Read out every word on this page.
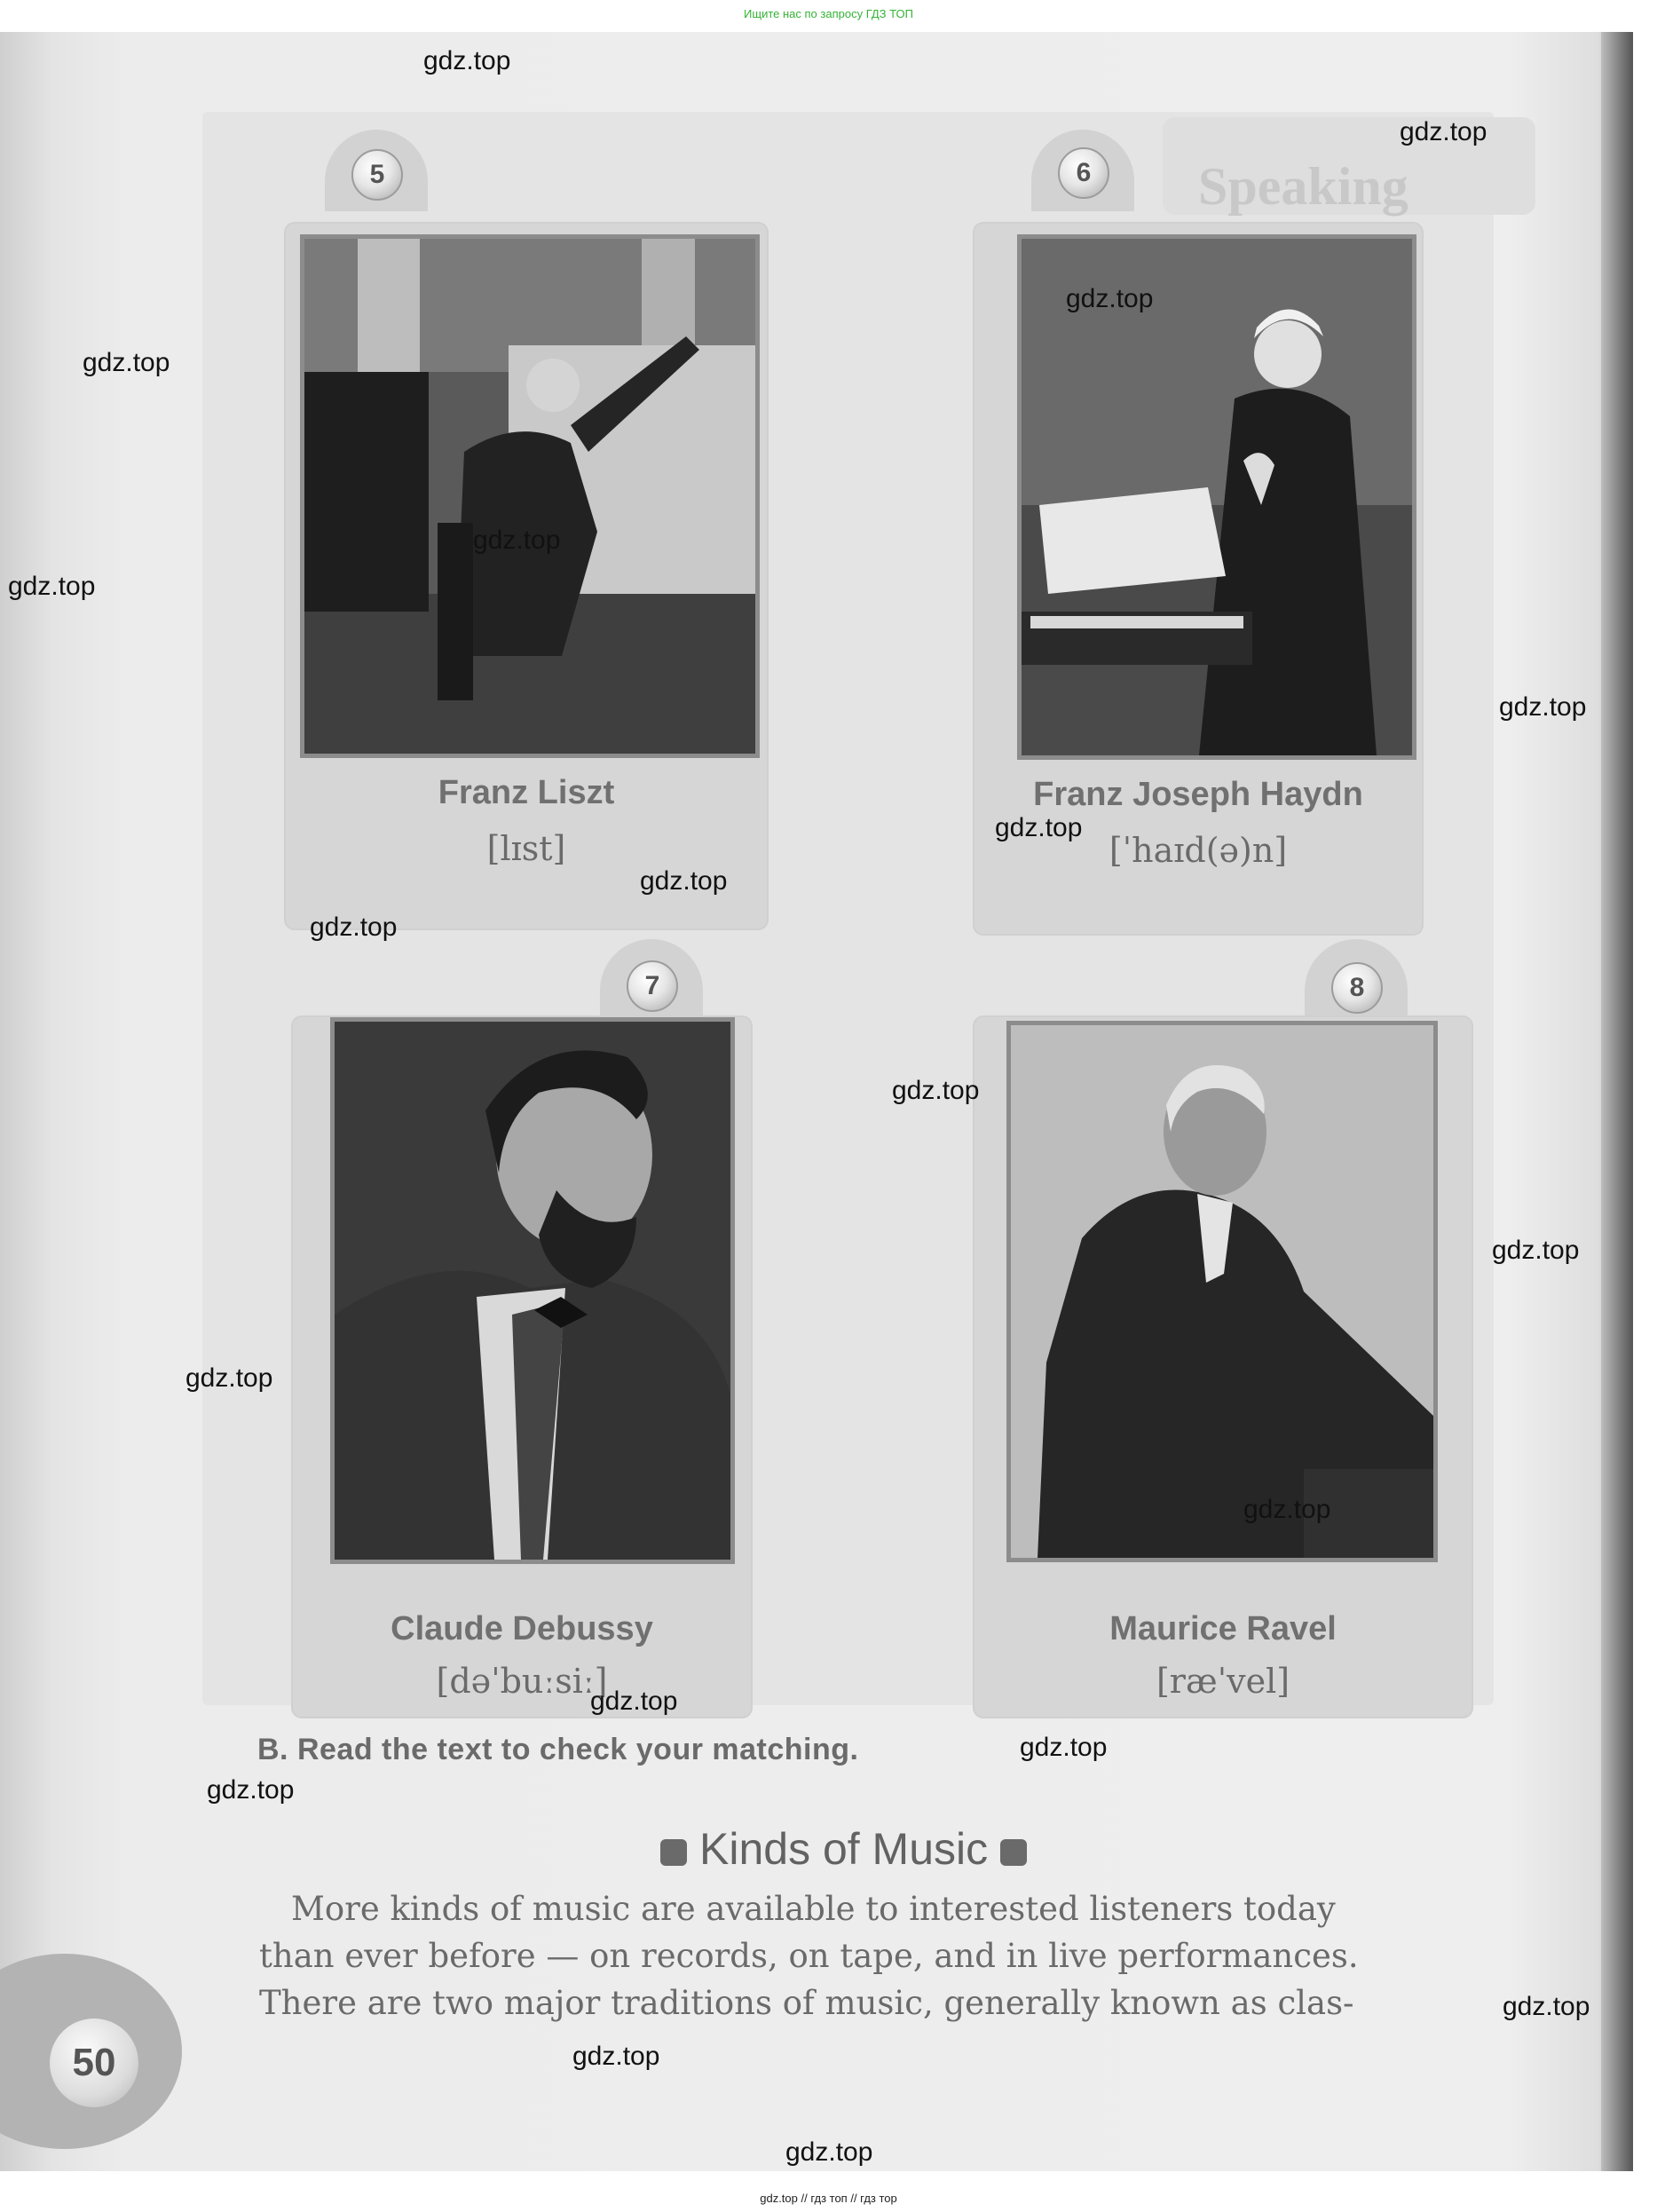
Ищите нас по запросу ГДЗ ТОП
Speaking
5
Franz Liszt
[lɪst]
6
Franz Joseph Haydn
[ˈhaɪd(ə)n]
7
Claude Debussy
[dəˈbuːsiː]
8
Maurice Ravel
[ræˈvel]
B. Read the text to check your matching.
Kinds of Music
More kinds of music are available to interested listeners today
than ever before — on records, on tape, and in live performances.
There are two major traditions of music, generally known as clas-
50
gdz.top
gdz.top
gdz.top
gdz.top
gdz.top
gdz.top
gdz.top
gdz.top
gdz.top
gdz.top
gdz.top
gdz.top
gdz.top
gdz.top
gdz.top
gdz.top
gdz.top
gdz.top
gdz.top
gdz.top
gdz.top // гдз топ // гдз тор
